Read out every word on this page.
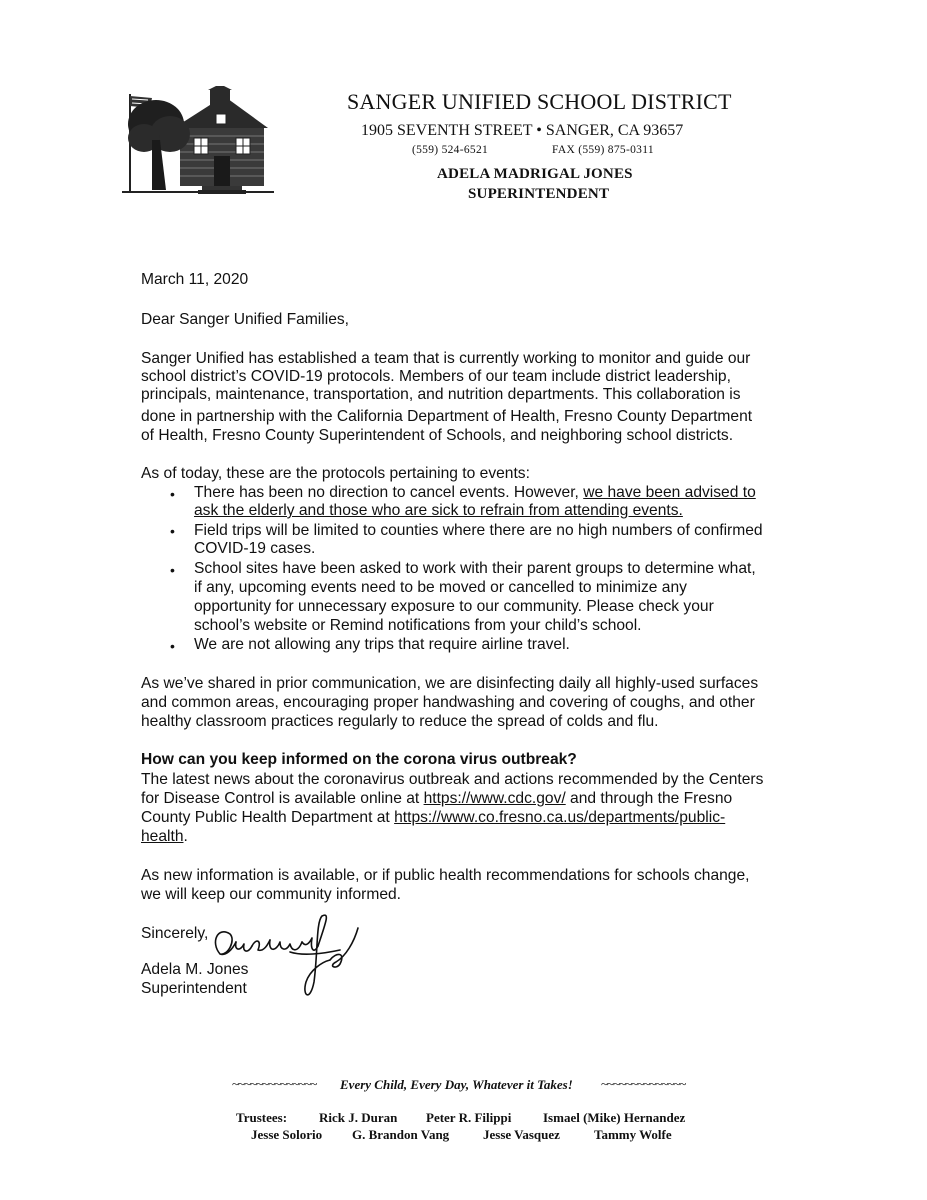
SANGER UNIFIED SCHOOL DISTRICT
1905 SEVENTH STREET • SANGER, CA 93657
(559) 524-6521	FAX (559) 875-0311
ADELA MADRIGAL JONES
SUPERINTENDENT
March 11, 2020
Dear Sanger Unified Families,
Sanger Unified has established a team that is currently working to monitor and guide our
school district’s COVID-19 protocols. Members of our team include district leadership,
principals, maintenance, transportation, and nutrition departments. This collaboration is
done in partnership with the California Department of Health, Fresno County Department
of Health, Fresno County Superintendent of Schools, and neighboring school districts.
As of today, these are the protocols pertaining to events:
• There has been no direction to cancel events. However, we have been advised to
ask the elderly and those who are sick to refrain from attending events.
• Field trips will be limited to counties where there are no high numbers of confirmed
COVID-19 cases.
• School sites have been asked to work with their parent groups to determine what,
if any, upcoming events need to be moved or cancelled to minimize any
opportunity for unnecessary exposure to our community. Please check your
school’s website or Remind notifications from your child’s school.
• We are not allowing any trips that require airline travel.
As we’ve shared in prior communication, we are disinfecting daily all highly-used surfaces
and common areas, encouraging proper handwashing and covering of coughs, and other
healthy classroom practices regularly to reduce the spread of colds and flu.
How can you keep informed on the corona virus outbreak?
The latest news about the coronavirus outbreak and actions recommended by the Centers
for Disease Control is available online at https://www.cdc.gov/ and through the Fresno
County Public Health Department at https://www.co.fresno.ca.us/departments/public-
health.
As new information is available, or if public health recommendations for schools change,
we will keep our community informed.
Sincerely,
Adela M. Jones
Superintendent
~~~~~~~~~~~~~~ Every Child, Every Day, Whatever it Takes! ~~~~~~~~~~~~~~
Trustees: Rick J. Duran Peter R. Filippi Ismael (Mike) Hernandez
Jesse Solorio G. Brandon Vang	Jesse Vasquez	Tammy Wolfe
